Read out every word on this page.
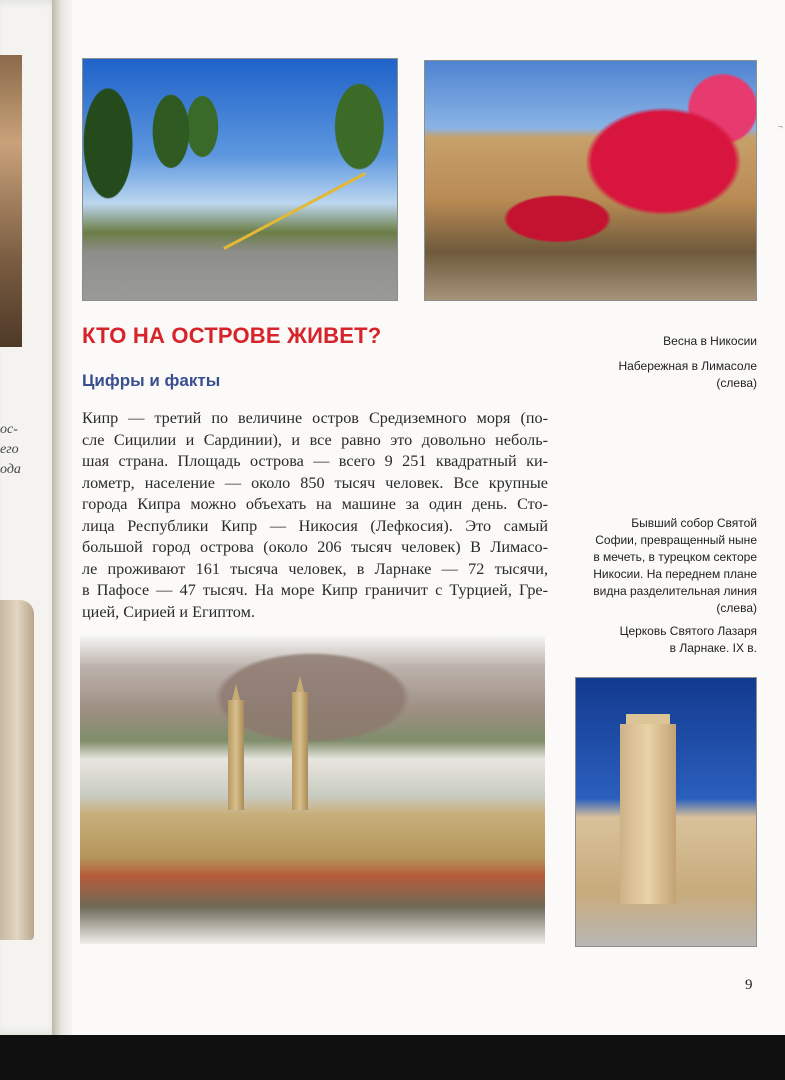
ос-
его
ода
¬
КТО НА ОСТРОВЕ ЖИВЕТ?
Цифры и факты
Кипр — третий по величине остров Средиземного моря (по-
сле Сицилии и Сардинии), и все равно это довольно неболь-
шая страна. Площадь острова — всего 9 251 квадратный ки-
лометр, население — около 850 тысяч человек. Все крупные
города Кипра можно объехать на машине за один день. Сто-
лица Республики Кипр — Никосия (Лефкосия). Это самый
большой город острова (около 206 тысяч человек) В Лимасо-
ле проживают 161 тысяча человек, в Ларнаке — 72 тысячи,
в Пафосе — 47 тысяч. На море Кипр граничит с Турцией, Гре-
цией, Сирией и Египтом.
Весна в Никосии
Набережная в Лимасоле
(слева)
Бывший собор Святой
Софии, превращенный ныне
в мечеть, в турецком секторе
Никосии. На переднем плане
видна разделительная линия
(слева)
Церковь Святого Лазаря
в Ларнаке. IX в.
9
